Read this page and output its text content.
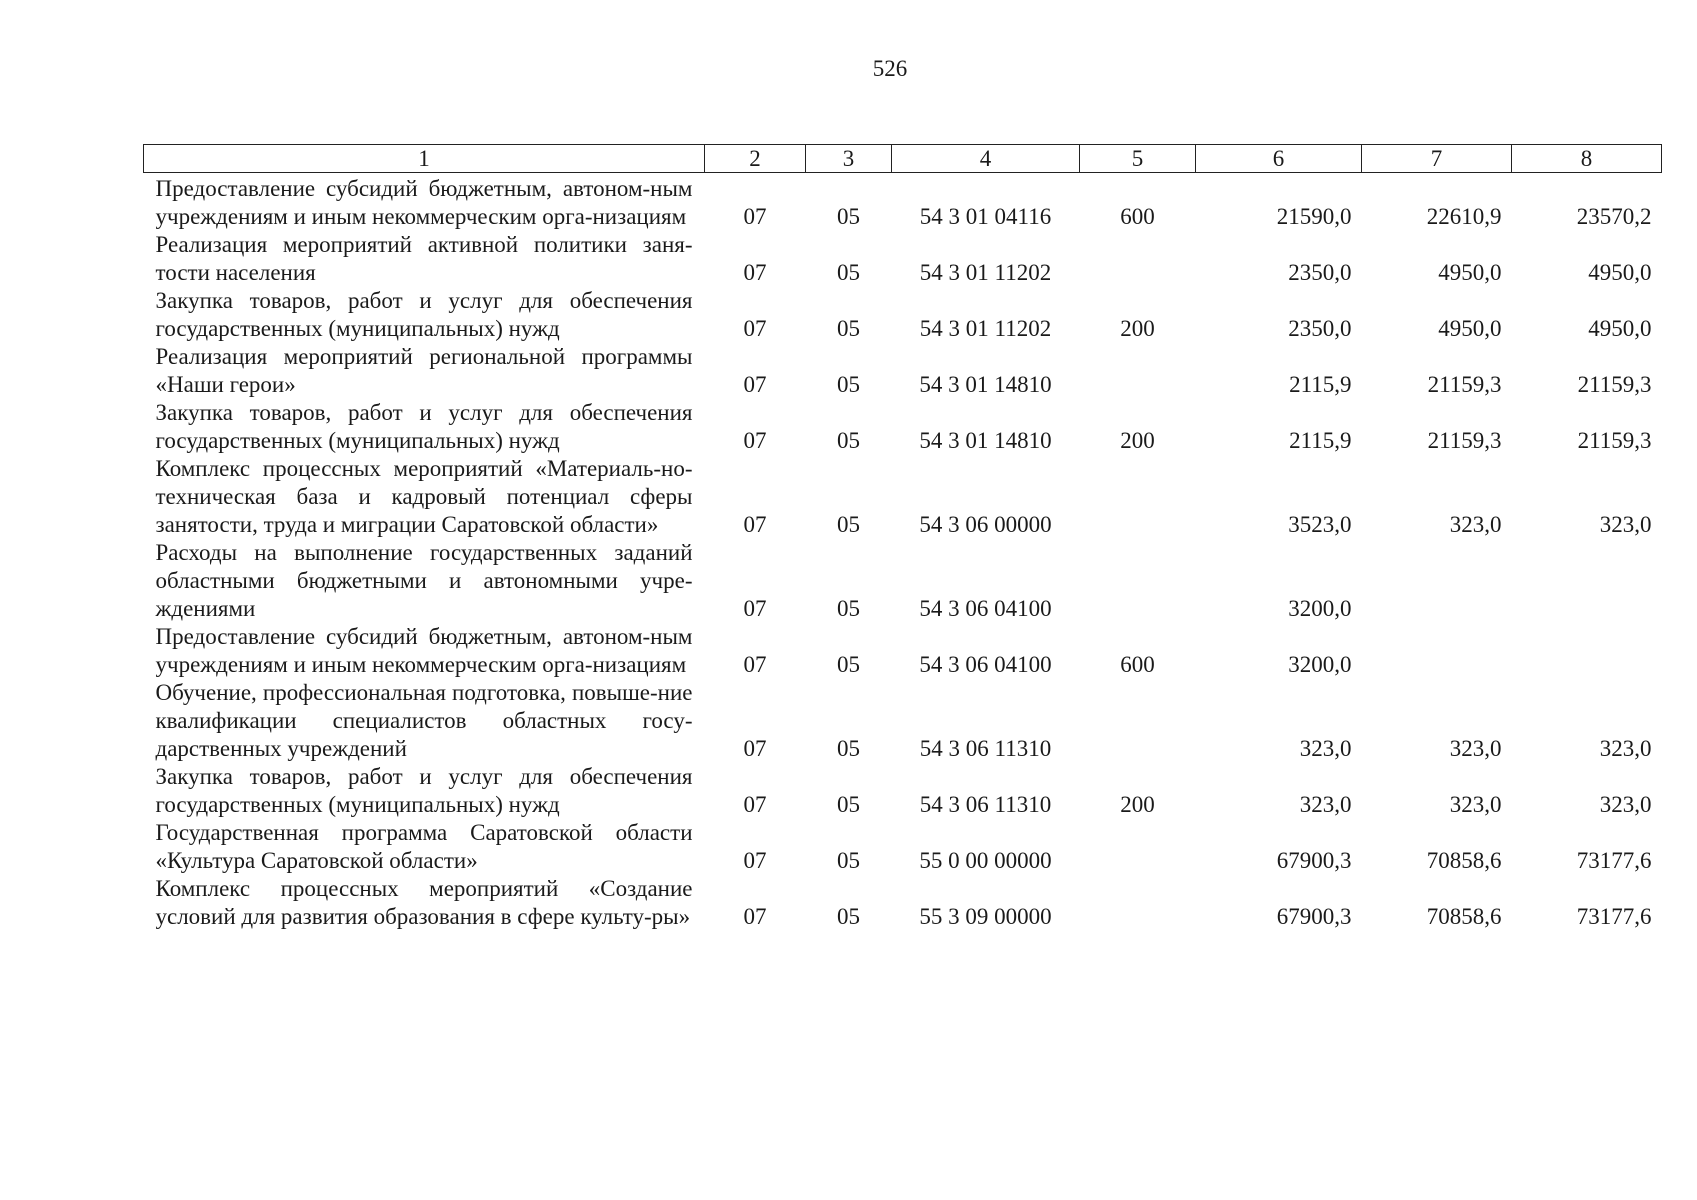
526
1	2	3	4	5	6	7	8
Предоставление субсидий бюджетным, автоном-ным учреждениям и иным некоммерческим орга-низациям	07	05	54 3 01 04116	600	21590,0	22610,9	23570,2
Реализация мероприятий активной политики заня-тости населения	07	05	54 3 01 11202		2350,0	4950,0	4950,0
Закупка товаров, работ и услуг для обеспечения государственных (муниципальных) нужд	07	05	54 3 01 11202	200	2350,0	4950,0	4950,0
Реализация мероприятий региональной программы «Наши герои»	07	05	54 3 01 14810		2115,9	21159,3	21159,3
Закупка товаров, работ и услуг для обеспечения государственных (муниципальных) нужд	07	05	54 3 01 14810	200	2115,9	21159,3	21159,3
Комплекс процессных мероприятий «Материаль-но-техническая база и кадровый потенциал сферы занятости, труда и миграции Саратовской области»	07	05	54 3 06 00000		3523,0	323,0	323,0
Расходы на выполнение государственных заданий областными бюджетными и автономными учре-ждениями	07	05	54 3 06 04100		3200,0		
Предоставление субсидий бюджетным, автоном-ным учреждениям и иным некоммерческим орга-низациям	07	05	54 3 06 04100	600	3200,0		
Обучение, профессиональная подготовка, повыше-ние квалификации специалистов областных госу-дарственных учреждений	07	05	54 3 06 11310		323,0	323,0	323,0
Закупка товаров, работ и услуг для обеспечения государственных (муниципальных) нужд	07	05	54 3 06 11310	200	323,0	323,0	323,0
Государственная программа Саратовской области «Культура Саратовской области»	07	05	55 0 00 00000		67900,3	70858,6	73177,6
Комплекс процессных мероприятий «Создание условий для развития образования в сфере культу-ры»	07	05	55 3 09 00000		67900,3	70858,6	73177,6
